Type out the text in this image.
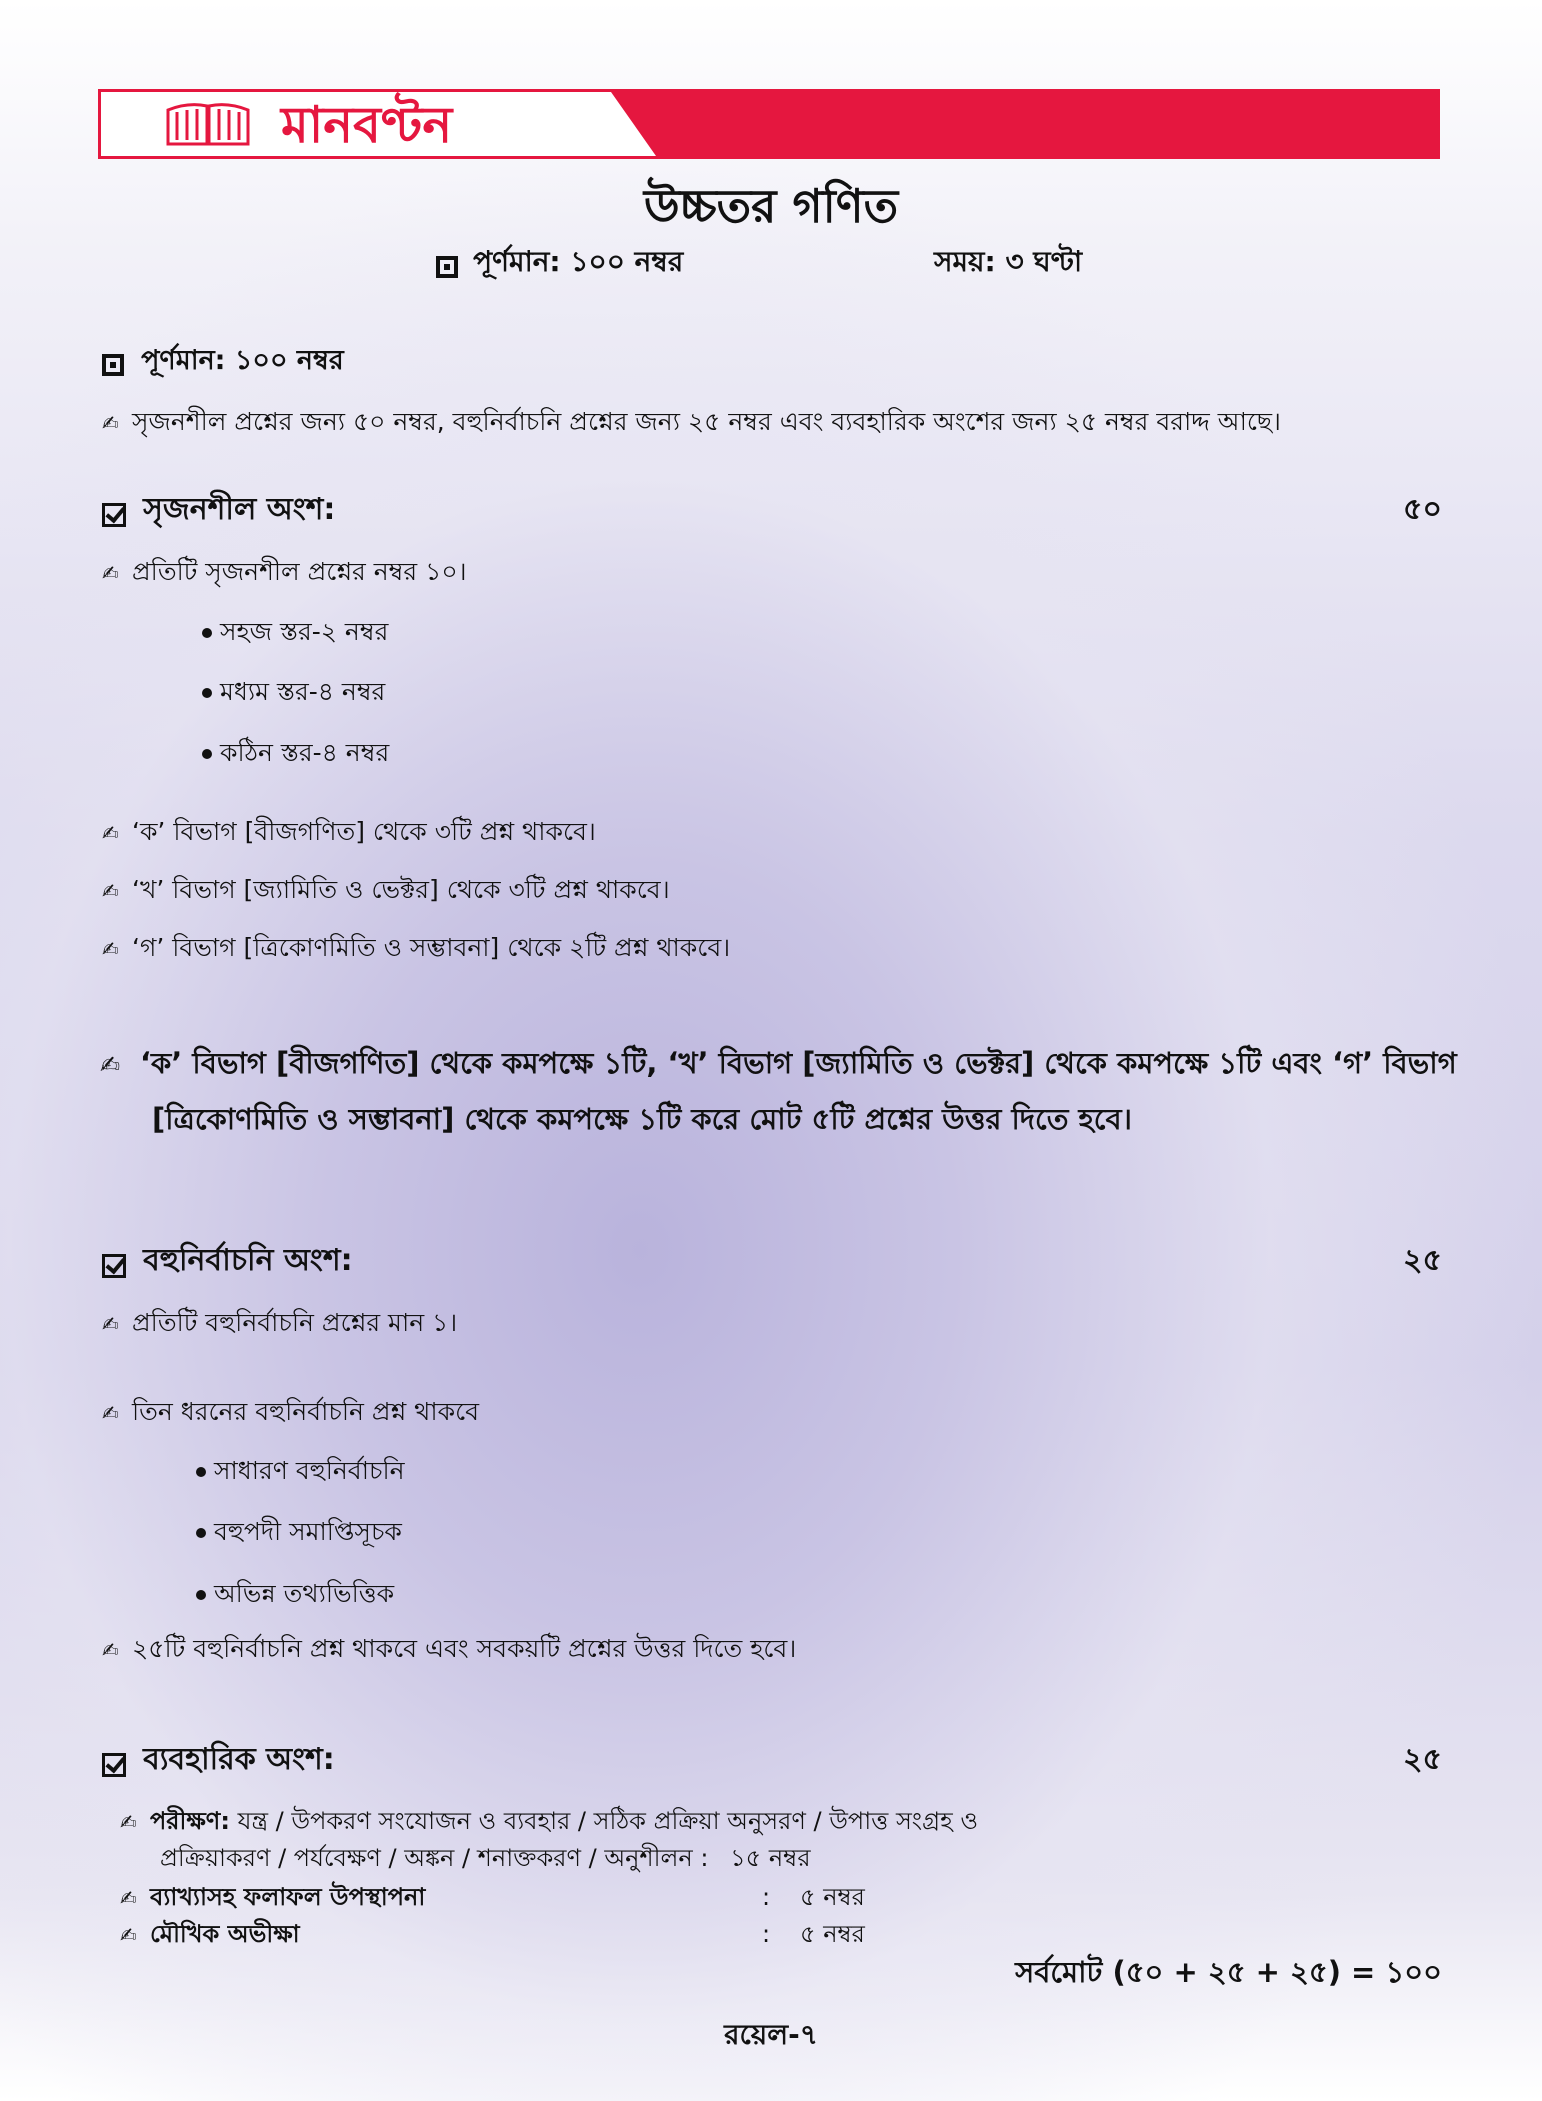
মানবণ্টন
উচ্চতর গণিত
পূর্ণমান: ১০০ নম্বর	সময়: ৩ ঘণ্টা
পূর্ণমান: ১০০ নম্বর
✍ সৃজনশীল প্রশ্নের জন্য ৫০ নম্বর, বহুনির্বাচনি প্রশ্নের জন্য ২৫ নম্বর এবং ব্যবহারিক অংশের জন্য ২৫ নম্বর বরাদ্দ আছে।
সৃজনশীল অংশ:	৫০
✍ প্রতিটি সৃজনশীল প্রশ্নের নম্বর ১০।
সহজ স্তর-২ নম্বর
মধ্যম স্তর-৪ নম্বর
কঠিন স্তর-৪ নম্বর
✍ ‘ক’ বিভাগ [বীজগণিত] থেকে ৩টি প্রশ্ন থাকবে।
✍ ‘খ’ বিভাগ [জ্যামিতি ও ভেক্টর] থেকে ৩টি প্রশ্ন থাকবে।
✍ ‘গ’ বিভাগ [ত্রিকোণমিতি ও সম্ভাবনা] থেকে ২টি প্রশ্ন থাকবে।
✍ ‘ক’ বিভাগ [বীজগণিত] থেকে কমপক্ষে ১টি, ‘খ’ বিভাগ [জ্যামিতি ও ভেক্টর] থেকে কমপক্ষে ১টি এবং ‘গ’ বিভাগ
[ত্রিকোণমিতি ও সম্ভাবনা] থেকে কমপক্ষে ১টি করে মোট ৫টি প্রশ্নের উত্তর দিতে হবে।
বহুনির্বাচনি অংশ:	২৫
✍ প্রতিটি বহুনির্বাচনি প্রশ্নের মান ১।
✍ তিন ধরনের বহুনির্বাচনি প্রশ্ন থাকবে
সাধারণ বহুনির্বাচনি
বহুপদী সমাপ্তিসূচক
অভিন্ন তথ্যভিত্তিক
✍ ২৫টি বহুনির্বাচনি প্রশ্ন থাকবে এবং সবকয়টি প্রশ্নের উত্তর দিতে হবে।
ব্যবহারিক অংশ:	২৫
✍ পরীক্ষণ: যন্ত্র / উপকরণ সংযোজন ও ব্যবহার / সঠিক প্রক্রিয়া অনুসরণ / উপাত্ত সংগ্রহ ও
প্রক্রিয়াকরণ / পর্যবেক্ষণ / অঙ্কন / শনাক্তকরণ / অনুশীলন : ১৫ নম্বর
✍ ব্যাখ্যাসহ ফলাফল উপস্থাপনা	: ৫ নম্বর
✍ মৌখিক অভীক্ষা	: ৫ নম্বর
সর্বমোট (৫০ + ২৫ + ২৫) = ১০০
রয়েল-৭
